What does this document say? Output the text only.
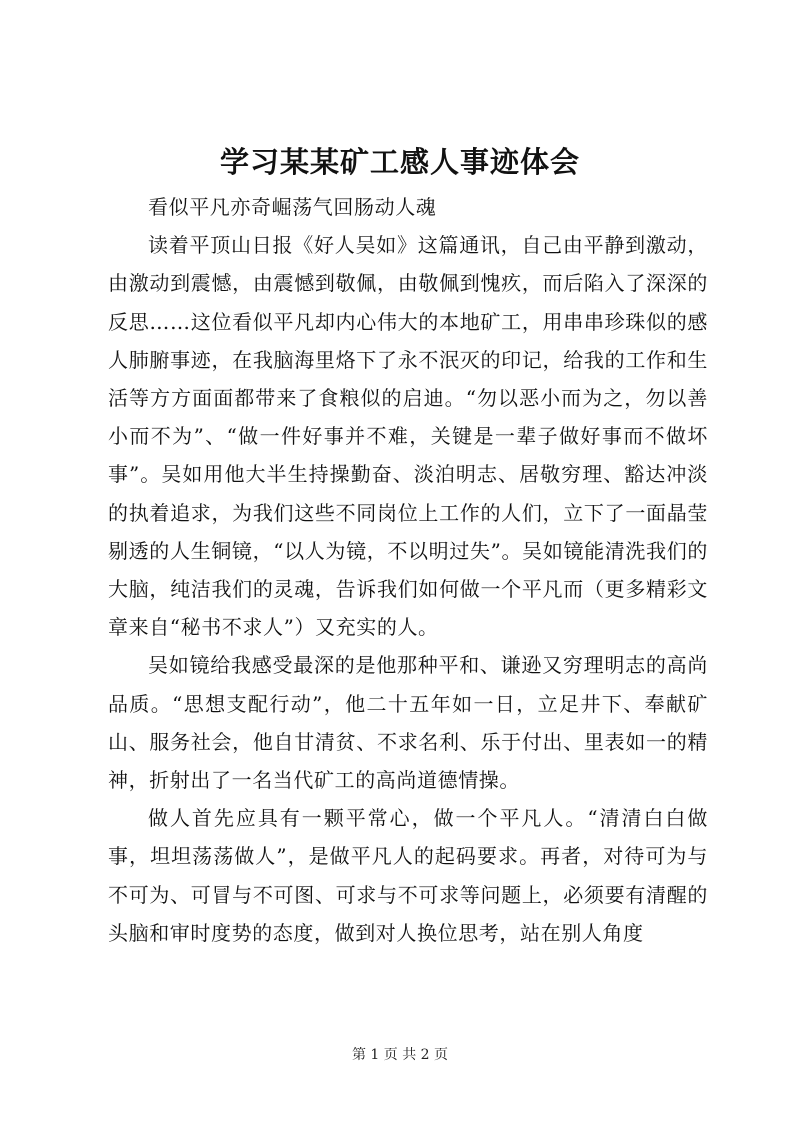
学习某某矿工感人事迹体会

看似平凡亦奇崛荡气回肠动人魂

读着平顶山日报《好人吴如》这篇通讯，自己由平静到激动，由激动到震憾，由震憾到敬佩，由敬佩到愧疚，而后陷入了深深的反思……这位看似平凡却内心伟大的本地矿工，用串串珍珠似的感人肺腑事迹，在我脑海里烙下了永不泯灭的印记，给我的工作和生活等方方面面都带来了食粮似的启迪。“勿以恶小而为之，勿以善小而不为”、“做一件好事并不难，关键是一辈子做好事而不做坏事”。吴如用他大半生持操勤奋、淡泊明志、居敬穷理、豁达冲淡的执着追求，为我们这些不同岗位上工作的人们，立下了一面晶莹剔透的人生铜镜，“以人为镜，不以明过失”。吴如镜能清洗我们的大脑，纯洁我们的灵魂，告诉我们如何做一个平凡而（更多精彩文章来自“秘书不求人”）又充实的人。

吴如镜给我感受最深的是他那种平和、谦逊又穷理明志的高尚品质。“思想支配行动”，他二十五年如一日，立足井下、奉献矿山、服务社会，他自甘清贫、不求名利、乐于付出、里表如一的精神，折射出了一名当代矿工的高尚道德情操。

做人首先应具有一颗平常心，做一个平凡人。“清清白白做事，坦坦荡荡做人”，是做平凡人的起码要求。再者，对待可为与不可为、可冒与不可图、可求与不可求等问题上，必须要有清醒的头脑和审时度势的态度，做到对人换位思考，站在别人角度

第 1 页 共 2 页
